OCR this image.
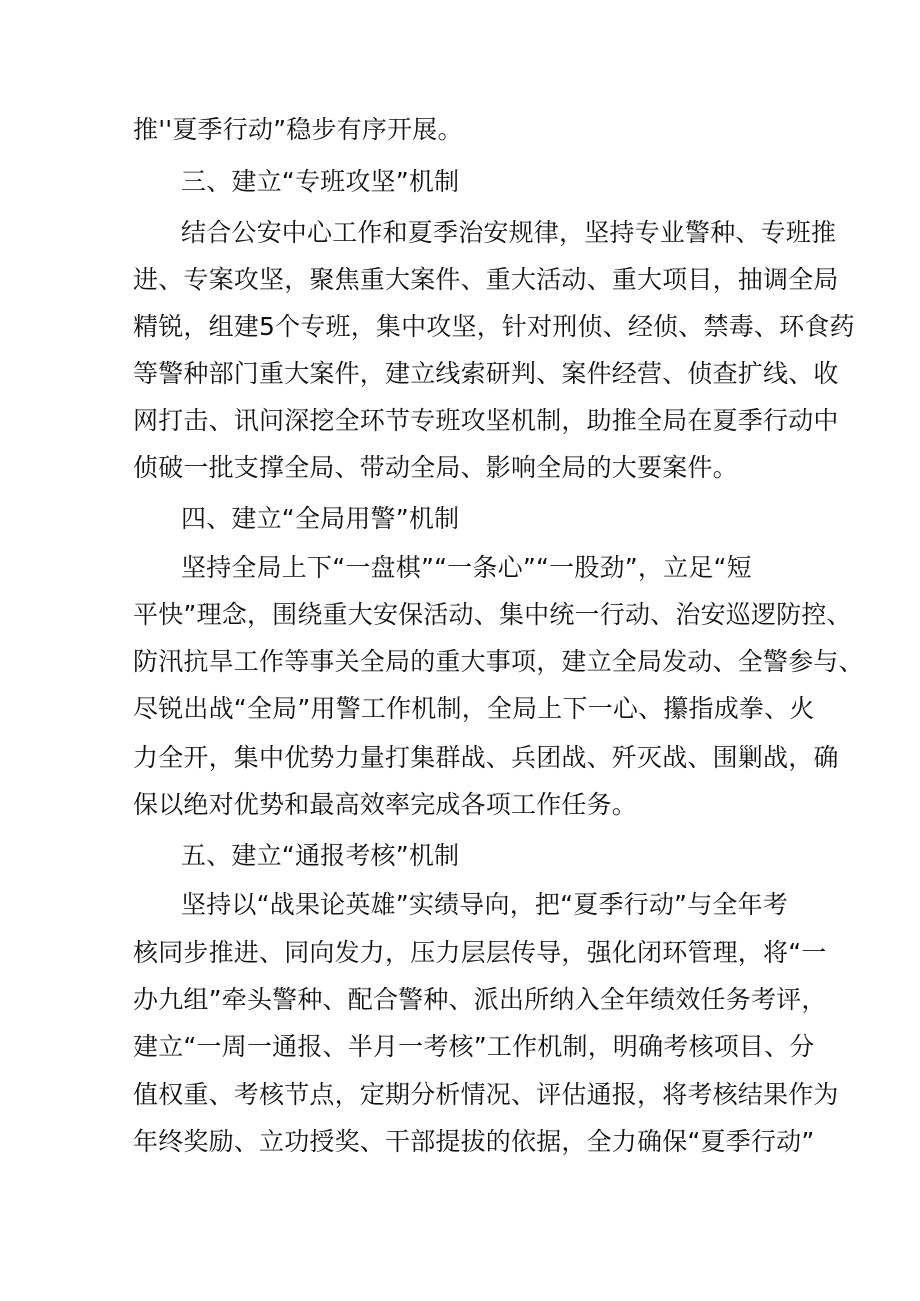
推''夏季行动”稳步有序开展。
三、建立“专班攻坚”机制
结合公安中心工作和夏季治安规律，坚持专业警种、专班推
进、专案攻坚，聚焦重大案件、重大活动、重大项目，抽调全局
精锐，组建5个专班，集中攻坚，针对刑侦、经侦、禁毒、环食药
等警种部门重大案件，建立线索研判、案件经营、侦查扩线、收
网打击、讯问深挖全环节专班攻坚机制，助推全局在夏季行动中
侦破一批支撑全局、带动全局、影响全局的大要案件。
四、建立“全局用警”机制
坚持全局上下“一盘棋”“一条心”“一股劲”，立足“短
平快”理念，围绕重大安保活动、集中统一行动、治安巡逻防控、
防汛抗旱工作等事关全局的重大事项，建立全局发动、全警参与、
尽锐出战“全局”用警工作机制，全局上下一心、攥指成拳、火
力全开，集中优势力量打集群战、兵团战、歼灭战、围剿战，确
保以绝对优势和最高效率完成各项工作任务。
五、建立“通报考核”机制
坚持以“战果论英雄”实绩导向，把“夏季行动”与全年考
核同步推进、同向发力，压力层层传导，强化闭环管理，将“一
办九组”牵头警种、配合警种、派出所纳入全年绩效任务考评，
建立“一周一通报、半月一考核”工作机制，明确考核项目、分
值权重、考核节点，定期分析情况、评估通报，将考核结果作为
年终奖励、立功授奖、干部提拔的依据，全力确保“夏季行动”
